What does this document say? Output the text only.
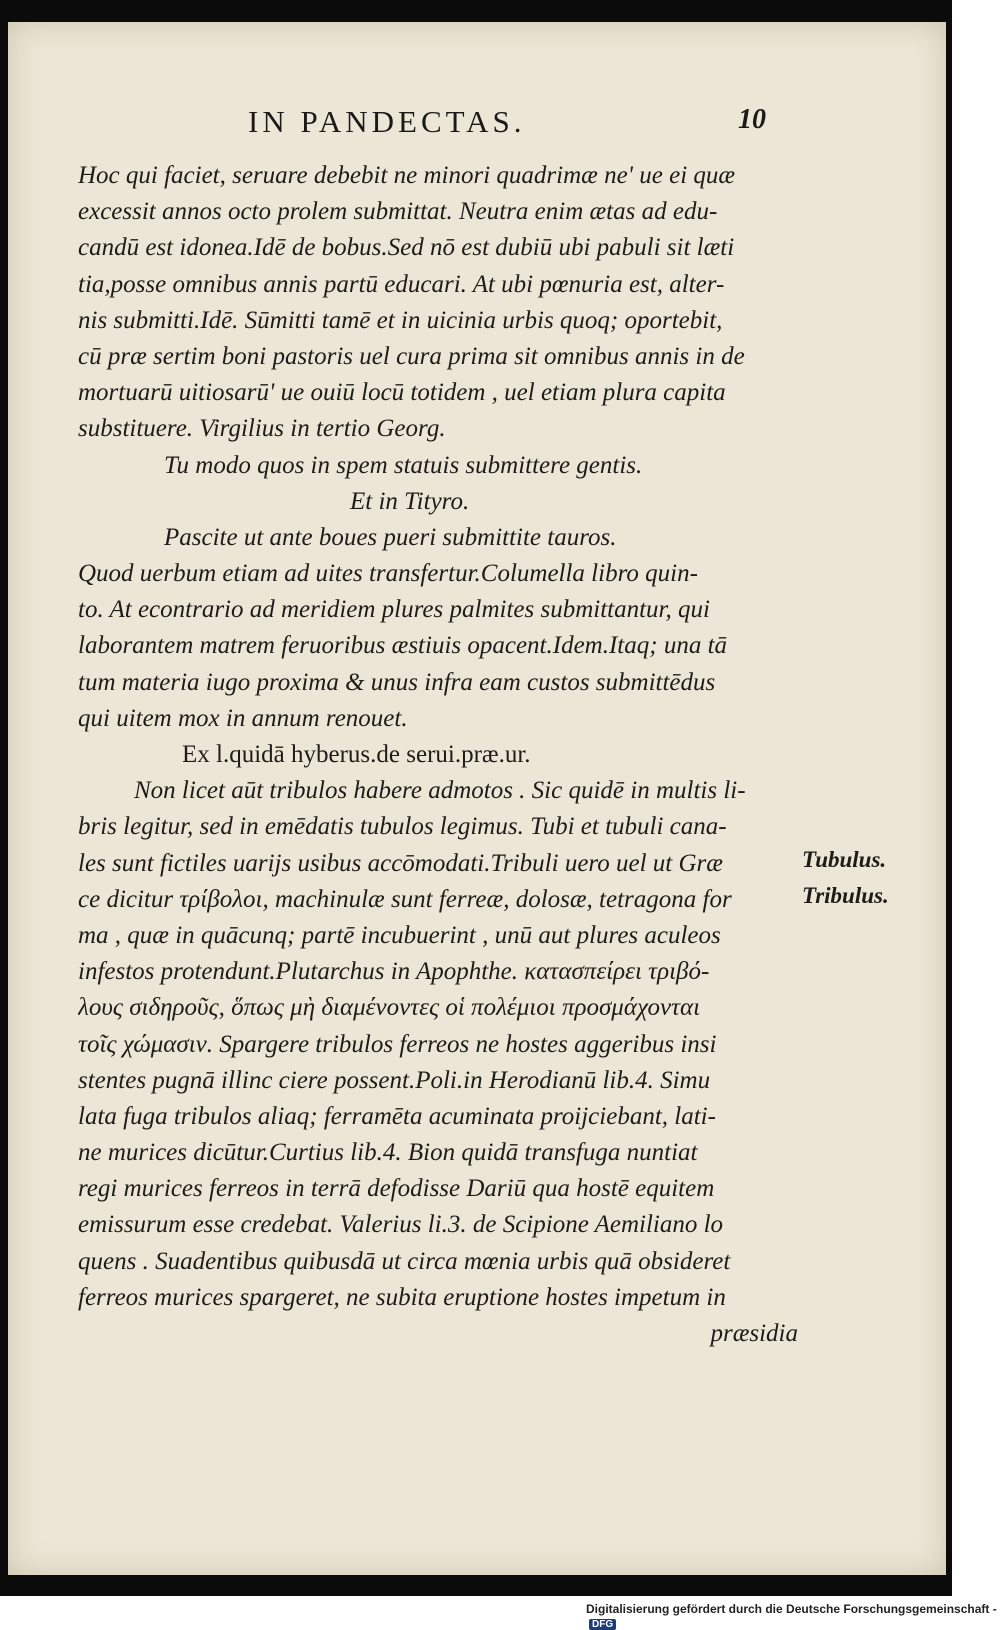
IN PANDECTAS.	10
Hoc qui faciet, seruare debebit ne minori quadrimæ ne' ue ei quæ
excessit annos octo prolem submittat. Neutra enim ætas ad edu-
candū est idonea.Idē de bobus.Sed nō est dubiū ubi pabuli sit læti
tia,posse omnibus annis partū educari. At ubi pœnuria est, alter-
nis submitti.Idē. Sūmitti tamē et in uicinia urbis quoq; oportebit,
cū præ sertim boni pastoris uel cura prima sit omnibus annis in de
mortuarū uitiosarū' ue ouiū locū totidem , uel etiam plura capita
substituere. Virgilius in tertio Georg.
Tu modo quos in spem statuis submittere gentis.
Et in Tityro.
Pascite ut ante boues pueri submittite tauros.
Quod uerbum etiam ad uites transfertur.Columella libro quin-
to. At econtrario ad meridiem plures palmites submittantur, qui
laborantem matrem feruoribus æstiuis opacent.Idem.Itaq; una tā
tum materia iugo proxima & unus infra eam custos submittēdus
qui uitem mox in annum renouet.
Ex l.quidā hyberus.de serui.præ.ur.
Non licet aūt tribulos habere admotos . Sic quidē in multis li-
bris legitur, sed in emēdatis tubulos legimus. Tubi et tubuli cana-
les sunt fictiles uarijs usibus accōmodati.Tribuli uero uel ut Græ
ce dicitur τρίβολοι, machinulæ sunt ferreæ, dolosæ, tetragona for
ma , quæ in quācunq; partē incubuerint , unū aut plures aculeos
infestos protendunt.Plutarchus in Apophthe. κατασπείρει τριβό-
λους σιδηροῦς, ὅπως μὴ διαμένοντες οἱ πολέμιοι προσμάχονται
τοῖς χώμασιν. Spargere tribulos ferreos ne hostes aggeribus insi
stentes pugnā illinc ciere possent.Poli.in Herodianū lib.4. Simu
lata fuga tribulos aliaq; ferramēta acuminata proijciebant, lati-
ne murices dicūtur.Curtius lib.4. Bion quidā transfuga nuntiat
regi murices ferreos in terrā defodisse Dariū qua hostē equitem
emissurum esse credebat. Valerius li.3. de Scipione Aemiliano lo
quens . Suadentibus quibusdā ut circa mœnia urbis quā obsideret
ferreos murices spargeret, ne subita eruptione hostes impetum in
præsidia
Tubulus.
Tribulus.
Digitalisierung gefördert durch die Deutsche Forschungsgemeinschaft -DFG
